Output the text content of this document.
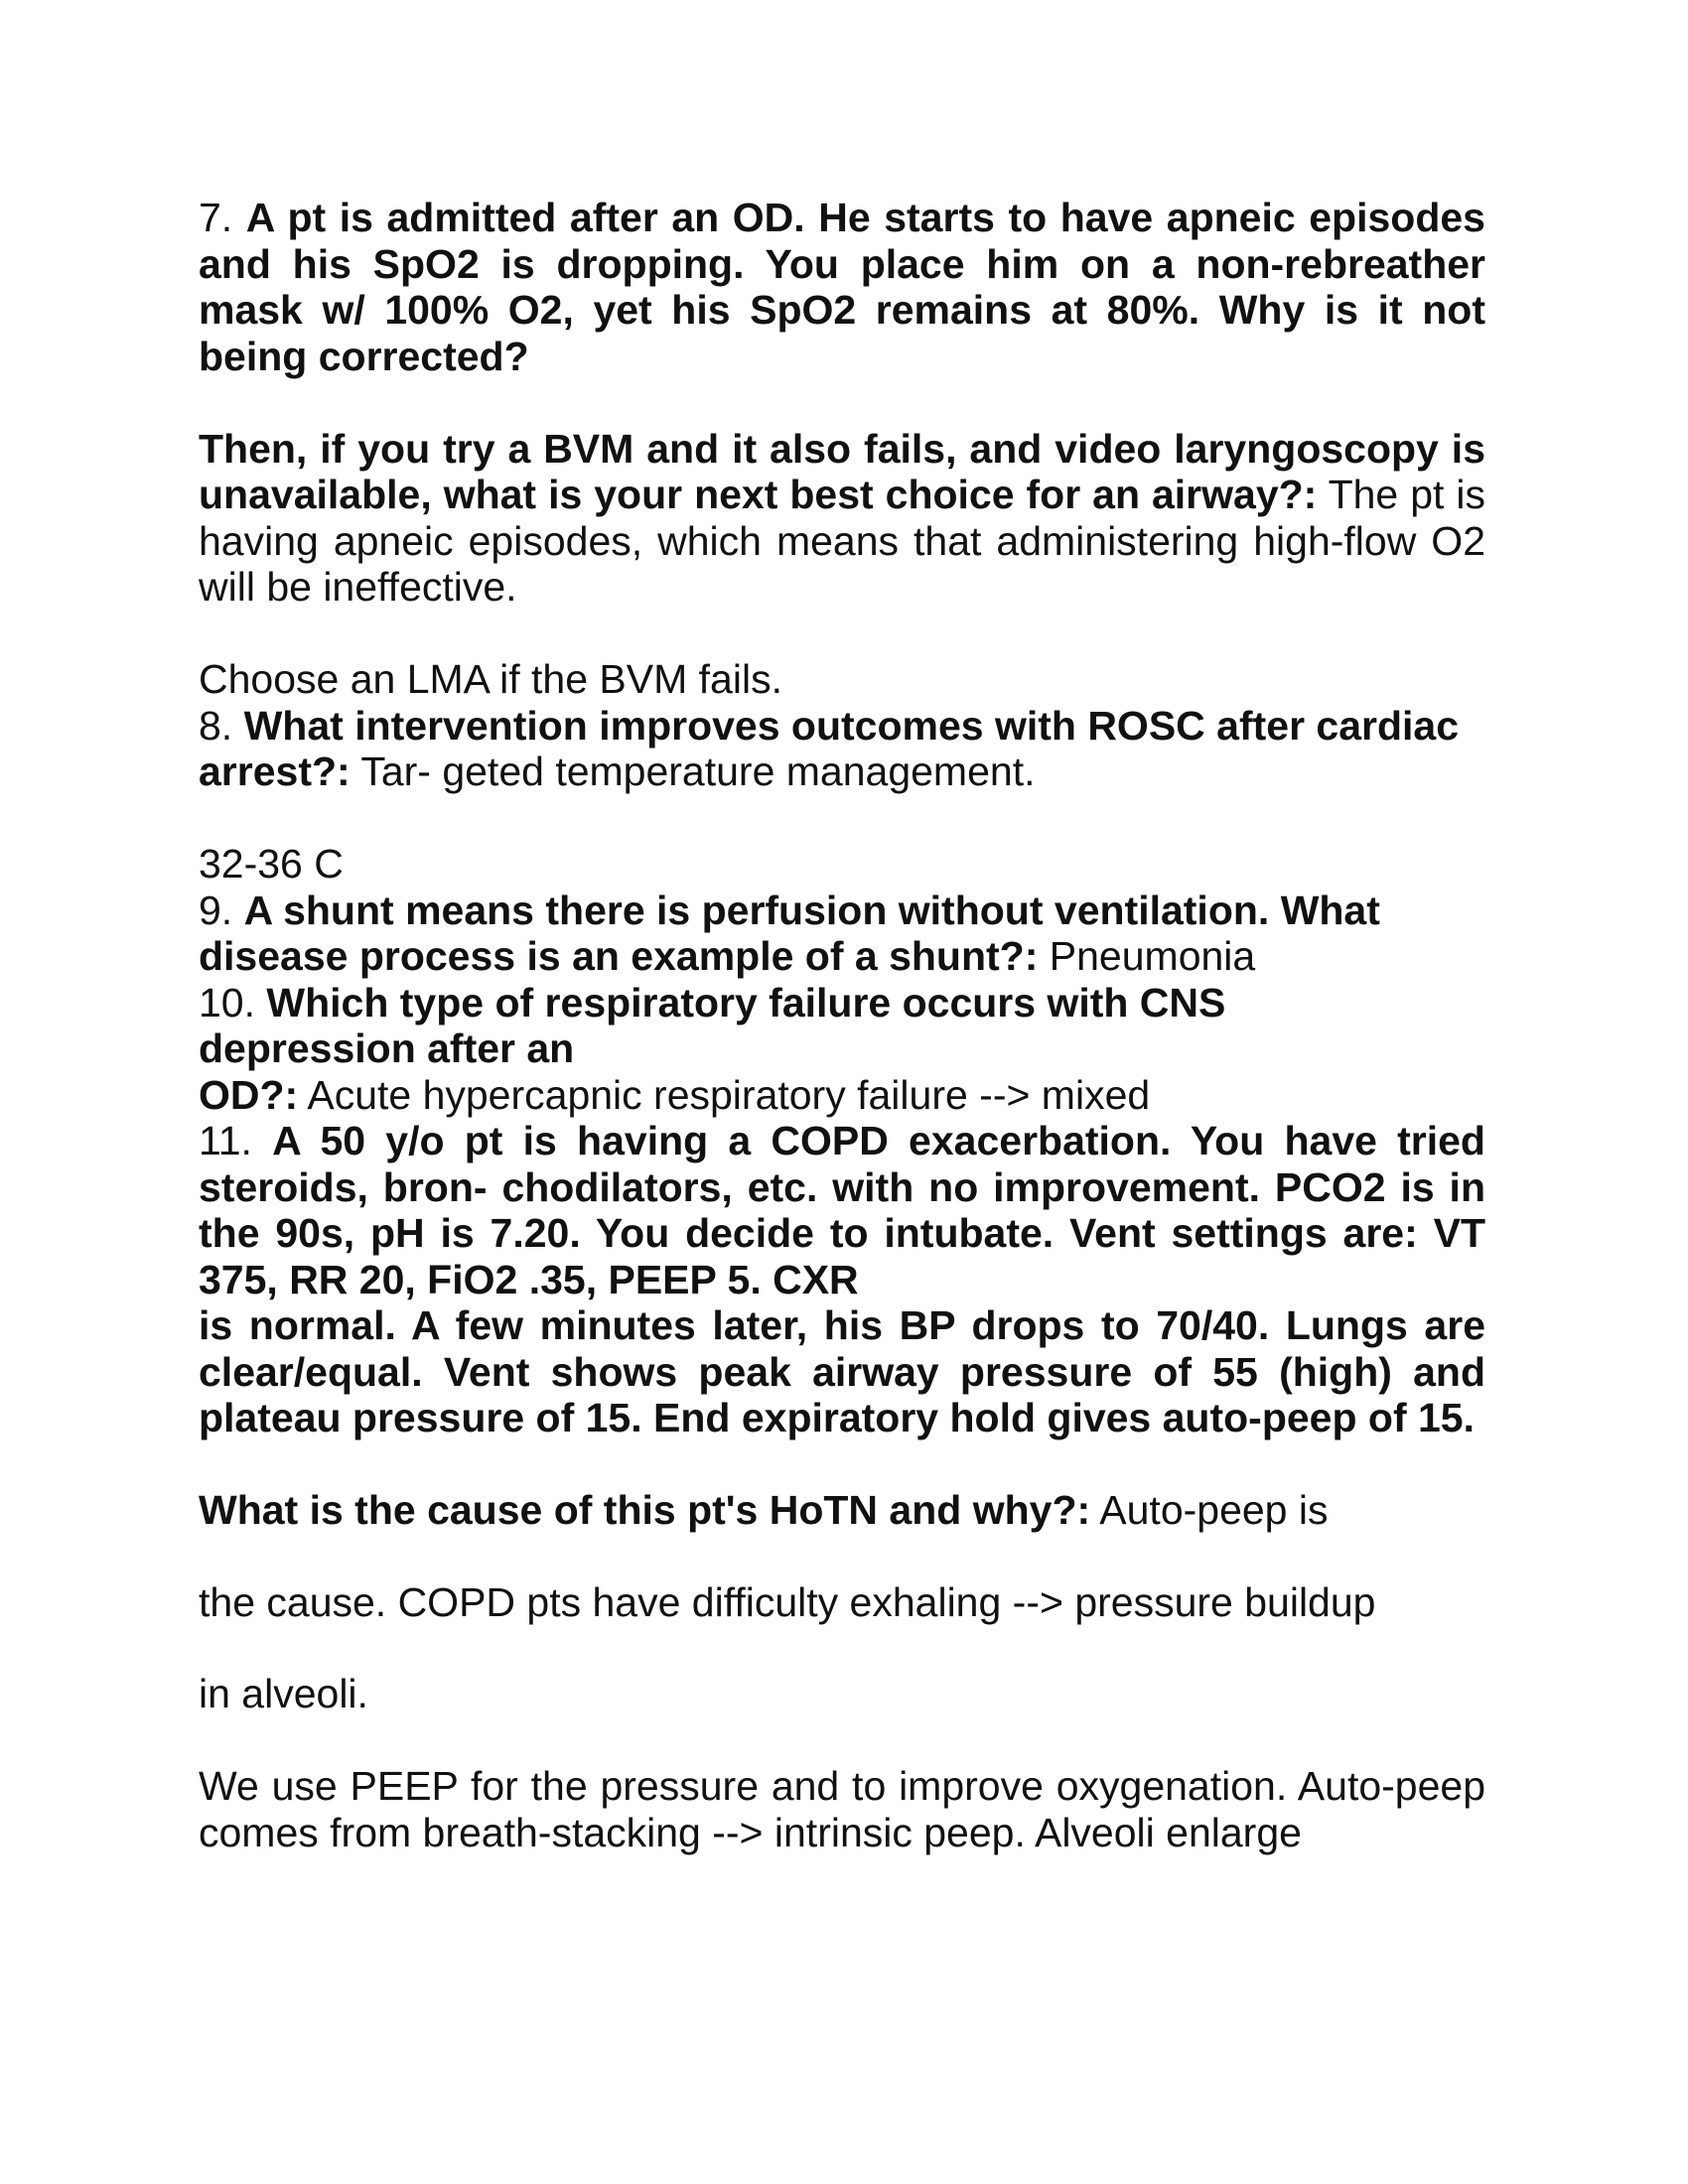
7. A pt is admitted after an OD. He starts to have apneic episodes and his SpO2 is dropping. You place him on a non-rebreather mask w/ 100% O2, yet his SpO2 remains at 80%. Why is it not being corrected?

Then, if you try a BVM and it also fails, and video laryngoscopy is unavailable, what is your next best choice for an airway?: The pt is having apneic episodes, which means that administering high-flow O2 will be ineffective.

Choose an LMA if the BVM fails.

8. What intervention improves outcomes with ROSC after cardiac arrest?: Tar- geted temperature management.

32-36 C

9. A shunt means there is perfusion without ventilation. What disease process is an example of a shunt?: Pneumonia

10. Which type of respiratory failure occurs with CNS

depression after an

OD?: Acute hypercapnic respiratory failure --> mixed

11. A 50 y/o pt is having a COPD exacerbation. You have tried steroids, bron- chodilators, etc. with no improvement. PCO2 is in the 90s, pH is 7.20. You decide to intubate. Vent settings are: VT 375, RR 20, FiO2 .35, PEEP 5. CXR

is normal. A few minutes later, his BP drops to 70/40. Lungs are clear/equal. Vent shows peak airway pressure of 55 (high) and plateau pressure of 15. End expiratory hold gives auto-peep of 15.

What is the cause of this pt's HoTN and why?: Auto-peep is

the cause. COPD pts have difficulty exhaling --> pressure buildup

in alveoli.

We use PEEP for the pressure and to improve oxygenation. Auto-peep comes from breath-stacking --> intrinsic peep. Alveoli enlarge
